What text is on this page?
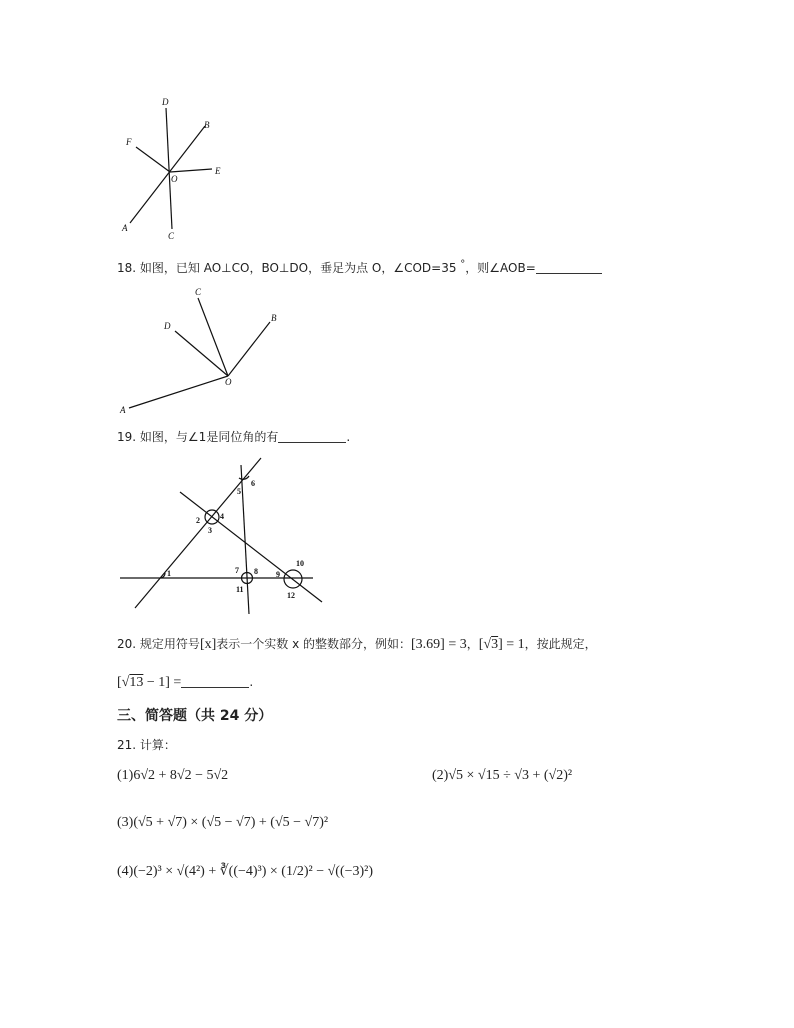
D
B
F
O
E
A
C
18. 如图，已知 AO⊥CO，BO⊥DO，垂足为点 O，∠COD=35 °，则∠AOB=
C
D
B
O
A
19. 如图，与∠1是同位角的有	.
6
5
2	4
3
10
7 8 9
1
11
12
20. 规定用符号[x]表示一个实数 x 的整数部分，例如：[3.69] = 3，[√3] = 1，按此规定，
[√13 − 1] =	.
三、简答题（共 24 分）
21. 计算：
(1)6√2 + 8√2 − 5√2	(2)√5 × √15 ÷ √3 + (√2)²
(3)(√5 + √7) × (√5 − √7) + (√5 − √7)²
(4)(−2)³ × √(4²) + ∛((−4)³) × (1/2)² − √((−3)²)
